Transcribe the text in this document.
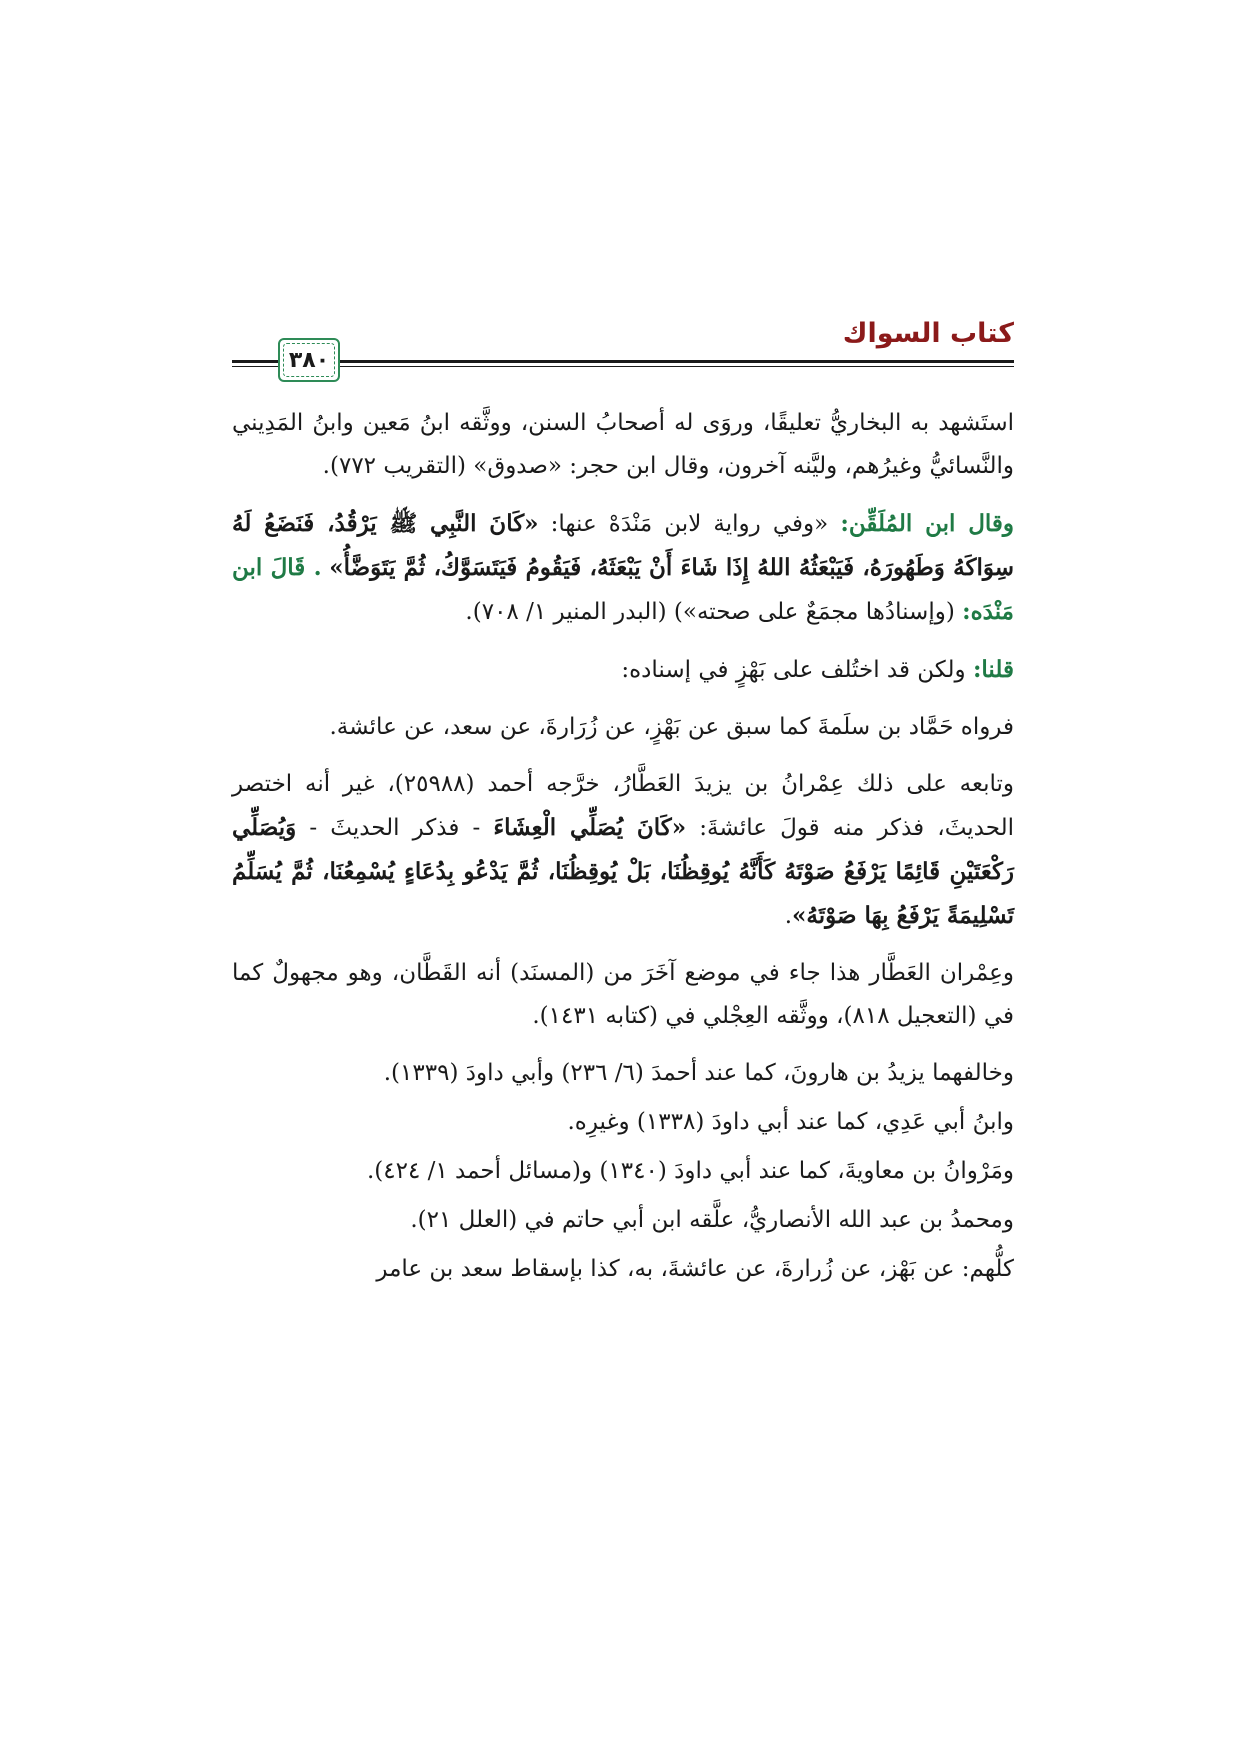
كتاب السواك
٣٨٠

استَشهد به البخاريُّ تعليقًا، وروَى له أصحابُ السنن، ووثَّقه ابنُ مَعين وابنُ المَدِيني والنَّسائيُّ وغيرُهم، وليَّنه آخرون، وقال ابن حجر: «صدوق» (التقريب ٧٧٢).

وقال ابن المُلَقِّن: «وفي رواية لابن مَنْدَهْ عنها: «كَانَ النَّبِي ﷺ يَرْقُدُ، فَنَضَعُ لَهُ سِوَاكَهُ وَطَهُورَهُ، فَيَبْعَثُهُ اللهُ إِذَا شَاءَ أَنْ يَبْعَثَهُ، فَيَقُومُ فَيَتَسَوَّكُ، ثُمَّ يَتَوَضَّأُ» . قَالَ ابن مَنْدَه: (وإسنادُها مجمَعٌ على صحته») (البدر المنير ١/ ٧٠٨).

قلنا: ولكن قد اختُلف على بَهْزٍ في إسناده:

فرواه حَمَّاد بن سلَمةَ كما سبق عن بَهْزٍ، عن زُرَارةَ، عن سعد، عن عائشة.

وتابعه على ذلك عِمْرانُ بن يزيدَ العَطَّارُ، خرَّجه أحمد (٢٥٩٨٨)، غير أنه اختصر الحديثَ، فذكر منه قولَ عائشةَ: «كَانَ يُصَلِّي الْعِشَاءَ - فذكر الحديثَ - وَيُصَلِّي رَكْعَتَيْنِ قَائِمًا يَرْفَعُ صَوْتَهُ كَأَنَّهُ يُوقِظُنَا، بَلْ يُوقِظُنَا، ثُمَّ يَدْعُو بِدُعَاءٍ يُسْمِعُنَا، ثُمَّ يُسَلِّمُ تَسْلِيمَةً يَرْفَعُ بِهَا صَوْتَهُ».

وعِمْران العَطَّار هذا جاء في موضع آخَرَ من (المسنَد) أنه القَطَّان، وهو مجهولٌ كما في (التعجيل ٨١٨)، ووثَّقه العِجْلي في (كتابه ١٤٣١).

وخالفهما يزيدُ بن هارونَ، كما عند أحمدَ (٦/ ٢٣٦) وأبي داودَ (١٣٣٩).

وابنُ أبي عَدِي، كما عند أبي داودَ (١٣٣٨) وغيرِه.

ومَرْوانُ بن معاويةَ، كما عند أبي داودَ (١٣٤٠) و(مسائل أحمد ١/ ٤٢٤).

ومحمدُ بن عبد الله الأنصاريُّ، علَّقه ابن أبي حاتم في (العلل ٢١).

كلُّهم: عن بَهْز، عن زُرارةَ، عن عائشةَ، به، كذا بإسقاط سعد بن عامر
